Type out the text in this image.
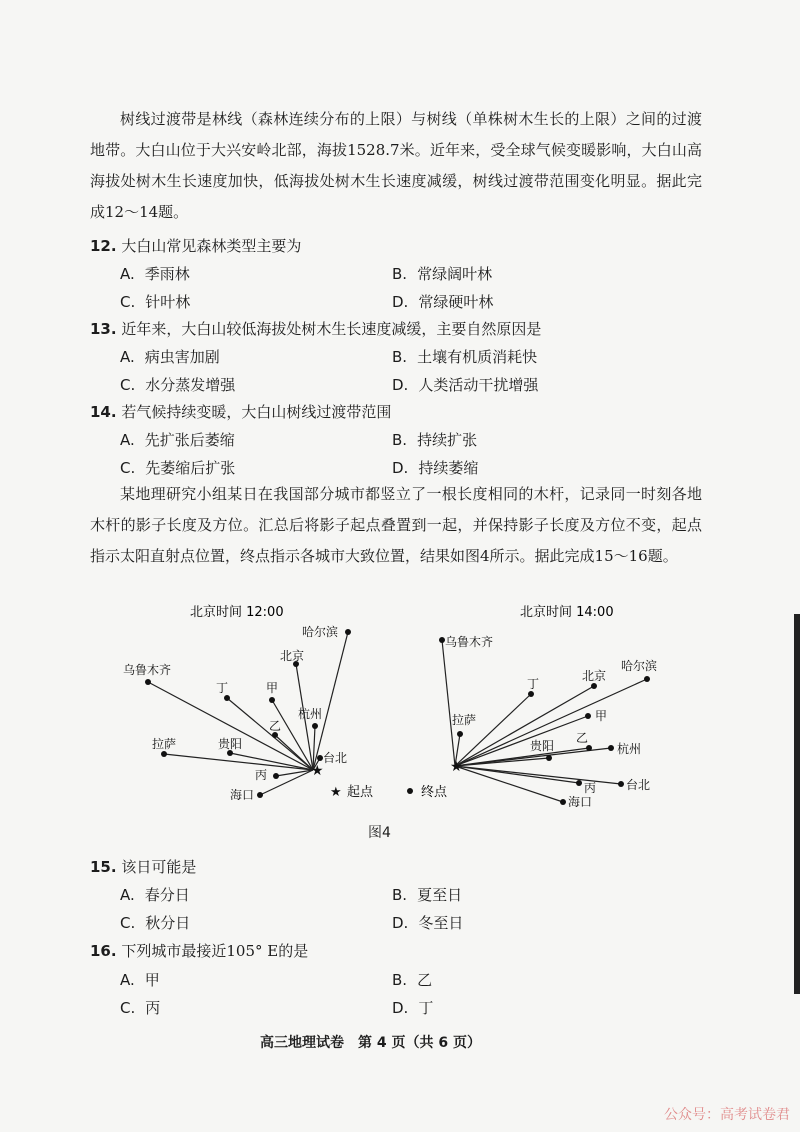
树线过渡带是林线（森林连续分布的上限）与树线（单株树木生长的上限）之间的过渡地带。大白山位于大兴安岭北部，海拔1528.7米。近年来，受全球气候变暖影响，大白山高海拔处树木生长速度加快，低海拔处树木生长速度减缓，树线过渡带范围变化明显。据此完成12～14题。

12. 大白山常见森林类型主要为

A. 季雨林	B. 常绿阔叶林
C. 针叶林	D. 常绿硬叶林

13. 近年来，大白山较低海拔处树木生长速度减缓，主要自然原因是

A. 病虫害加剧	B. 土壤有机质消耗快
C. 水分蒸发增强	D. 人类活动干扰增强

14. 若气候持续变暖，大白山树线过渡带范围

A. 先扩张后萎缩	B. 持续扩张
C. 先萎缩后扩张	D. 持续萎缩

某地理研究小组某日在我国部分城市都竖立了一根长度相同的木杆，记录同一时刻各地木杆的影子长度及方位。汇总后将影子起点叠置到一起，并保持影子长度及方位不变，起点指示太阳直射点位置，终点指示各城市大致位置，结果如图4所示。据此完成15～16题。

北京时间 12:00	北京时间 14:00
★
哈尔滨
北京
乌鲁木齐
丁	甲
杭州
乙
拉萨	贵阳
台北
丙
海口
★
乌鲁木齐
丁
北京
哈尔滨
拉萨	甲
贵阳
乙
杭州
丙 台北
海口
★ 起点	终点
图4

15. 该日可能是

A. 春分日	B. 夏至日
C. 秋分日	D. 冬至日

16. 下列城市最接近105° E的是

A. 甲	B. 乙
C. 丙	D. 丁
高三地理试卷　第 4 页（共 6 页）
公众号：高考试卷君
